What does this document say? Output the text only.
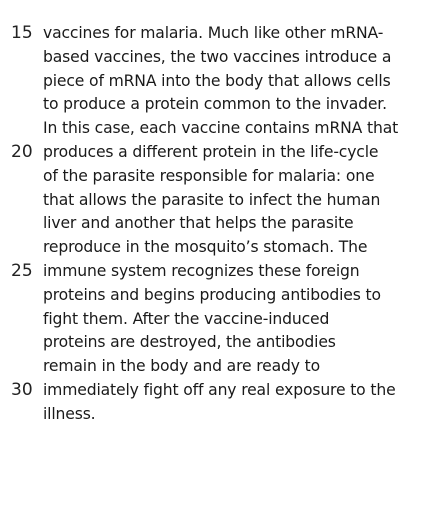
15 vaccines for malaria. Much like other mRNA-
based vaccines, the two vaccines introduce a
piece of mRNA into the body that allows cells
to produce a protein common to the invader.
In this case, each vaccine contains mRNA that
20 produces a different protein in the life-cycle
of the parasite responsible for malaria: one
that allows the parasite to infect the human
liver and another that helps the parasite
reproduce in the mosquito’s stomach. The
25 immune system recognizes these foreign
proteins and begins producing antibodies to
fight them. After the vaccine-induced
proteins are destroyed, the antibodies
remain in the body and are ready to
30 immediately fight off any real exposure to the
illness.
